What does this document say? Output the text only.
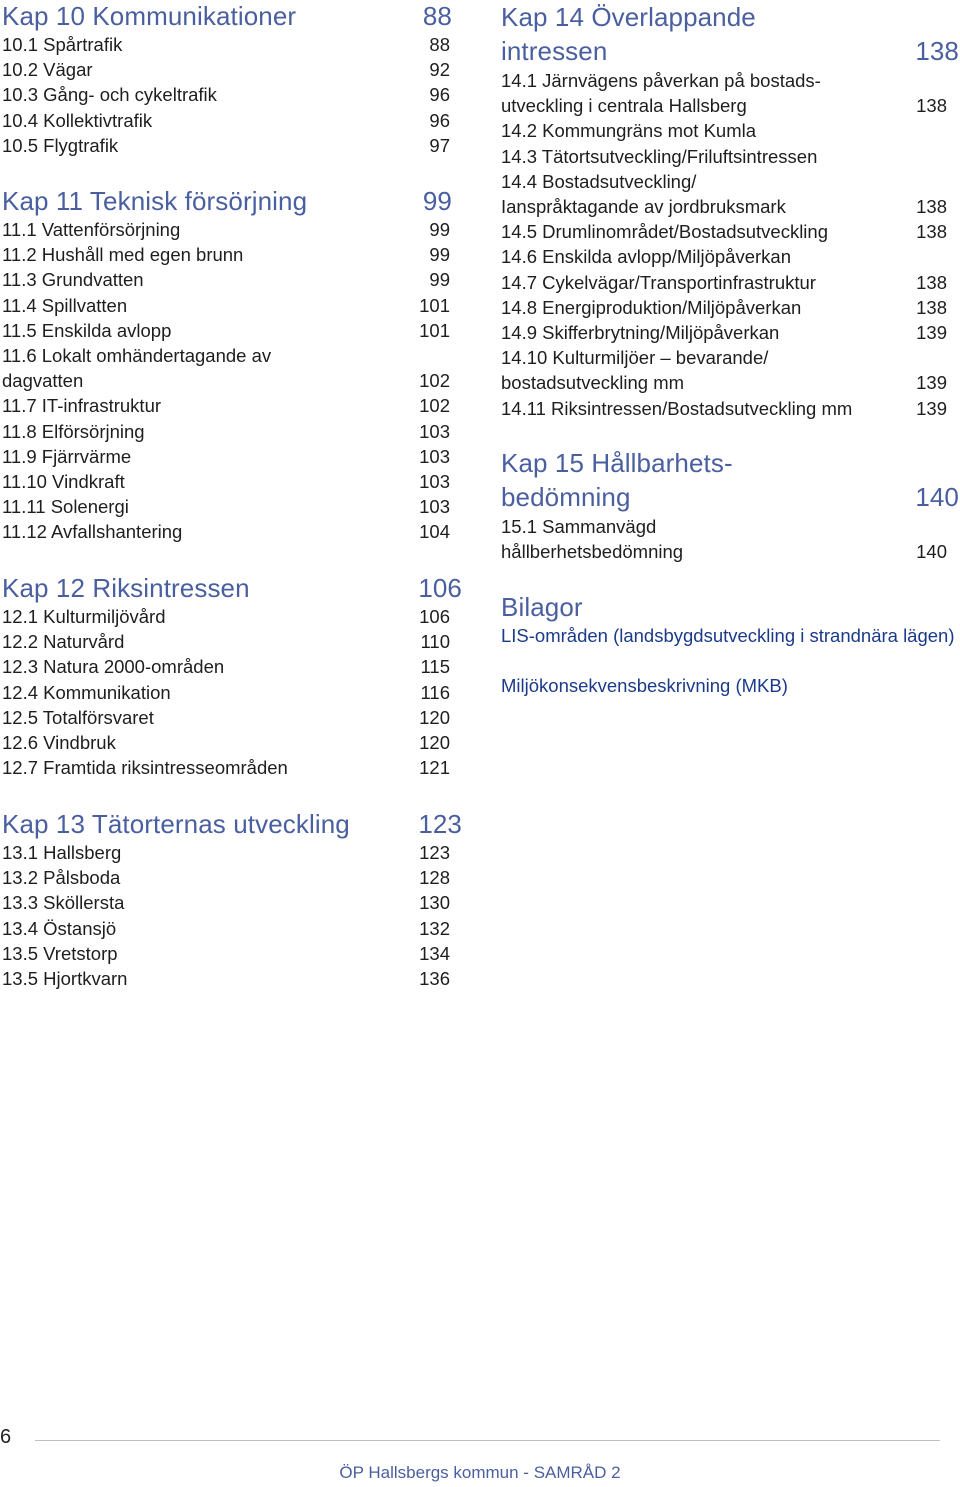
Kap 10 Kommunikationer	88
10.1 Spårtrafik	88
10.2 Vägar	92
10.3 Gång- och cykeltrafik	96
10.4 Kollektivtrafik	96
10.5 Flygtrafik	97
Kap 11 Teknisk försörjning	99
11.1 Vattenförsörjning	99
11.2 Hushåll med egen brunn	99
11.3 Grundvatten	99
11.4 Spillvatten	101
11.5 Enskilda avlopp	101
11.6 Lokalt omhändertagande av dagvatten	102
11.7 IT-infrastruktur	102
11.8 Elförsörjning	103
11.9 Fjärrvärme	103
11.10 Vindkraft	103
11.11 Solenergi	103
11.12 Avfallshantering	104
Kap 12 Riksintressen	106
12.1 Kulturmiljövård	106
12.2 Naturvård	110
12.3 Natura 2000-områden	115
12.4 Kommunikation	116
12.5 Totalförsvaret	120
12.6 Vindbruk	120
12.7 Framtida riksintresseområden	121
Kap 13 Tätorternas utveckling	123
13.1 Hallsberg	123
13.2 Pålsboda	128
13.3 Sköllersta	130
13.4 Östansjö	132
13.5 Vretstorp	134
13.5 Hjortkvarn	136
Kap 14 Överlappande intressen	138
14.1 Järnvägens påverkan på bostads-utveckling i centrala Hallsberg	138
14.2 Kommungräns mot Kumla
14.3 Tätortsutveckling/Friluftsintressen
14.4 Bostadsutveckling/ Ianspråktagande av jordbruksmark	138
14.5 Drumlinområdet/Bostadsutveckling	138
14.6 Enskilda avlopp/Miljöpåverkan
14.7 Cykelvägar/Transportinfrastruktur	138
14.8 Energiproduktion/Miljöpåverkan	138
14.9 Skifferbrytning/Miljöpåverkan	139
14.10 Kulturmiljöer – bevarande/ bostadsutveckling mm	139
14.11 Riksintressen/Bostadsutveckling mm	139
Kap 15 Hållbarhets-bedömning	140
15.1 Sammanvägd hållberhetsbedömning	140
Bilagor
LIS-områden (landsbygdsutveckling i strandnära lägen)
Miljökonsekvensbeskrivning (MKB)
6
ÖP Hallsbergs kommun - SAMRÅD 2
